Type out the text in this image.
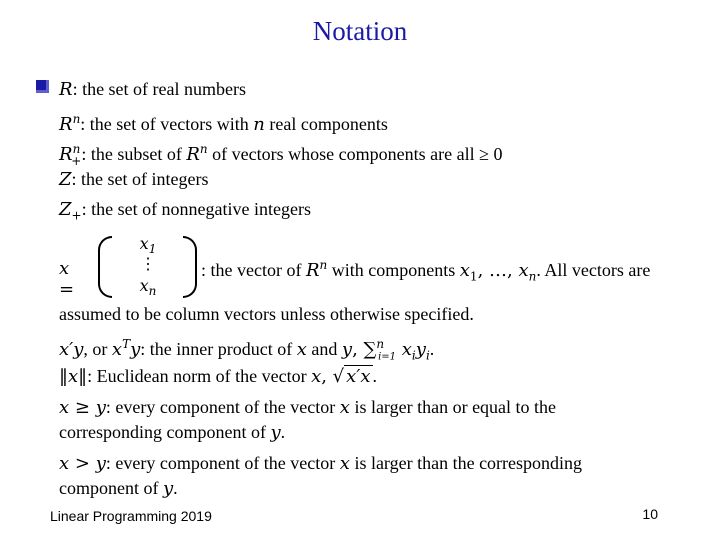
Notation
R: the set of real numbers
$R^n$: the set of vectors with n real components
$R^n_+$: the subset of $R^n$ of vectors whose components are all ≥ 0
Z: the set of integers
$Z_+$: the set of nonnegative integers
x =
$x_1$
⋮
$x_n$
: the vector of $R^n$ with components $x_1$, …, $x_n$. All vectors are
assumed to be column vectors unless otherwise specified.
x′y, or $x^Ty$: the inner product of x and y, ∑$^n_{i=1}$ $x_iy_i$.
‖x‖: Euclidean norm of the vector x, √ x′x .
x ≥ y: every component of the vector x is larger than or equal to the
corresponding component of y.
x > y: every component of the vector x is larger than the corresponding
component of y.
Linear Programming 2019	10
